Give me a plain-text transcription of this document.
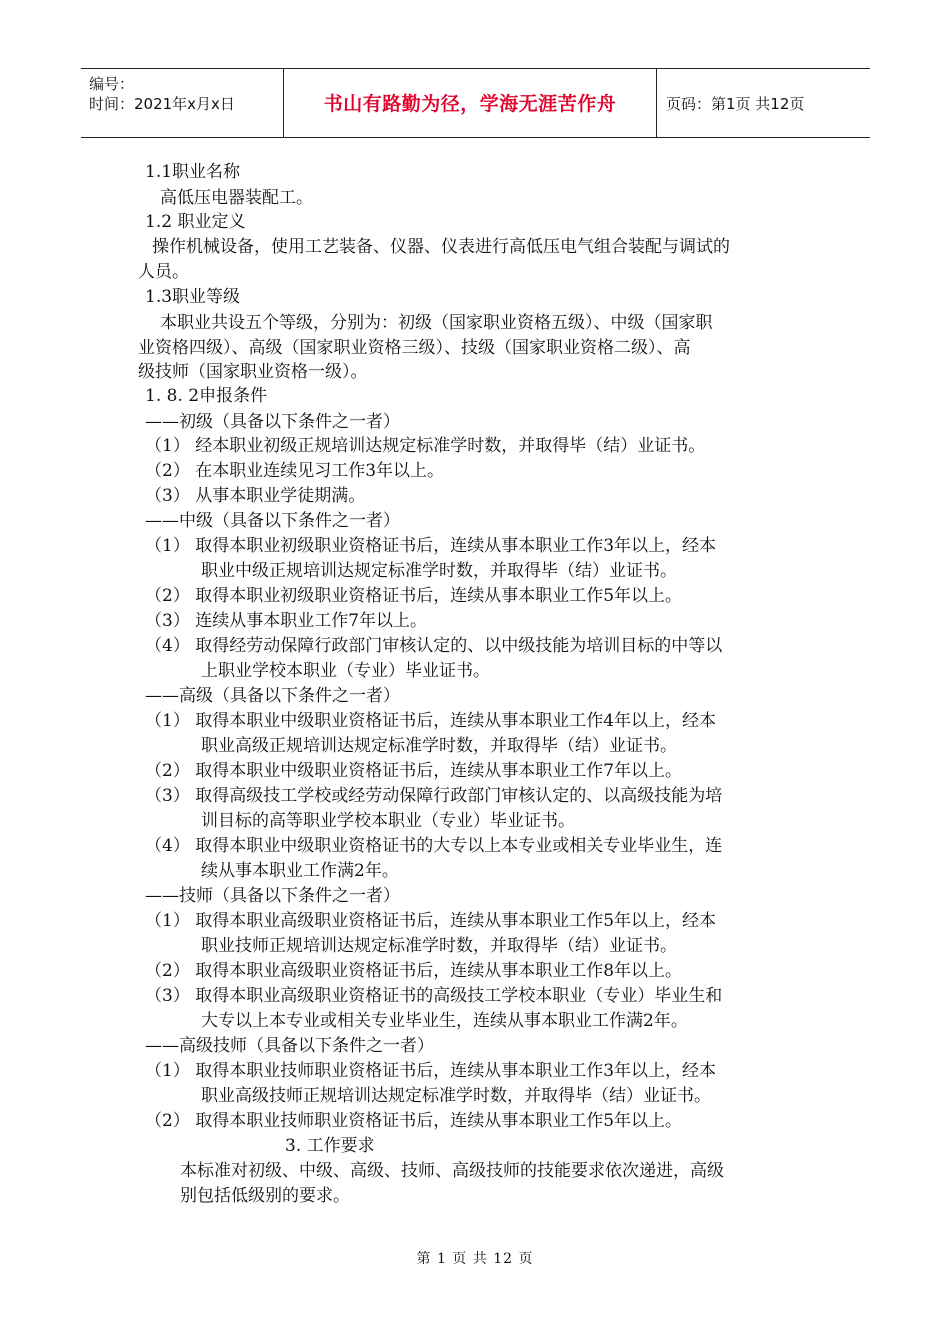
编号：
时间：2021年x月x日	书山有路勤为径，学海无涯苦作舟	页码：第1页 共12页
1.1职业名称
高低压电器装配工。
1.2 职业定义
操作机械设备，使用工艺装备、仪器、仪表进行高低压电气组合装配与调试的
人员。
1.3职业等级
本职业共设五个等级，分别为：初级（国家职业资格五级）、中级（国家职
业资格四级）、高级（国家职业资格三级）、技级（国家职业资格二级）、高
级技师（国家职业资格一级）。
1. 8. 2申报条件
——初级（具备以下条件之一者）
（1） 经本职业初级正规培训达规定标准学时数，并取得毕（结）业证书。
（2） 在本职业连续见习工作3年以上。
（3） 从事本职业学徒期满。
——中级（具备以下条件之一者）
（1） 取得本职业初级职业资格证书后，连续从事本职业工作3年以上，经本
职业中级正规培训达规定标准学时数，并取得毕（结）业证书。
（2） 取得本职业初级职业资格证书后，连续从事本职业工作5年以上。
（3） 连续从事本职业工作7年以上。
（4） 取得经劳动保障行政部门审核认定的、以中级技能为培训目标的中等以
上职业学校本职业（专业）毕业证书。
——高级（具备以下条件之一者）
（1） 取得本职业中级职业资格证书后，连续从事本职业工作4年以上，经本
职业高级正规培训达规定标准学时数，并取得毕（结）业证书。
（2） 取得本职业中级职业资格证书后，连续从事本职业工作7年以上。
（3） 取得高级技工学校或经劳动保障行政部门审核认定的、以高级技能为培
训目标的高等职业学校本职业（专业）毕业证书。
（4） 取得本职业中级职业资格证书的大专以上本专业或相关专业毕业生，连
续从事本职业工作满2年。
——技师（具备以下条件之一者）
（1） 取得本职业高级职业资格证书后，连续从事本职业工作5年以上，经本
职业技师正规培训达规定标准学时数，并取得毕（结）业证书。
（2） 取得本职业高级职业资格证书后，连续从事本职业工作8年以上。
（3） 取得本职业高级职业资格证书的高级技工学校本职业（专业）毕业生和
大专以上本专业或相关专业毕业生，连续从事本职业工作满2年。
——高级技师（具备以下条件之一者）
（1） 取得本职业技师职业资格证书后，连续从事本职业工作3年以上，经本
职业高级技师正规培训达规定标准学时数，并取得毕（结）业证书。
（2） 取得本职业技师职业资格证书后，连续从事本职业工作5年以上。
3. 工作要求
本标准对初级、中级、高级、技师、高级技师的技能要求依次递进，高级
别包括低级别的要求。
第 1 页 共 12 页
